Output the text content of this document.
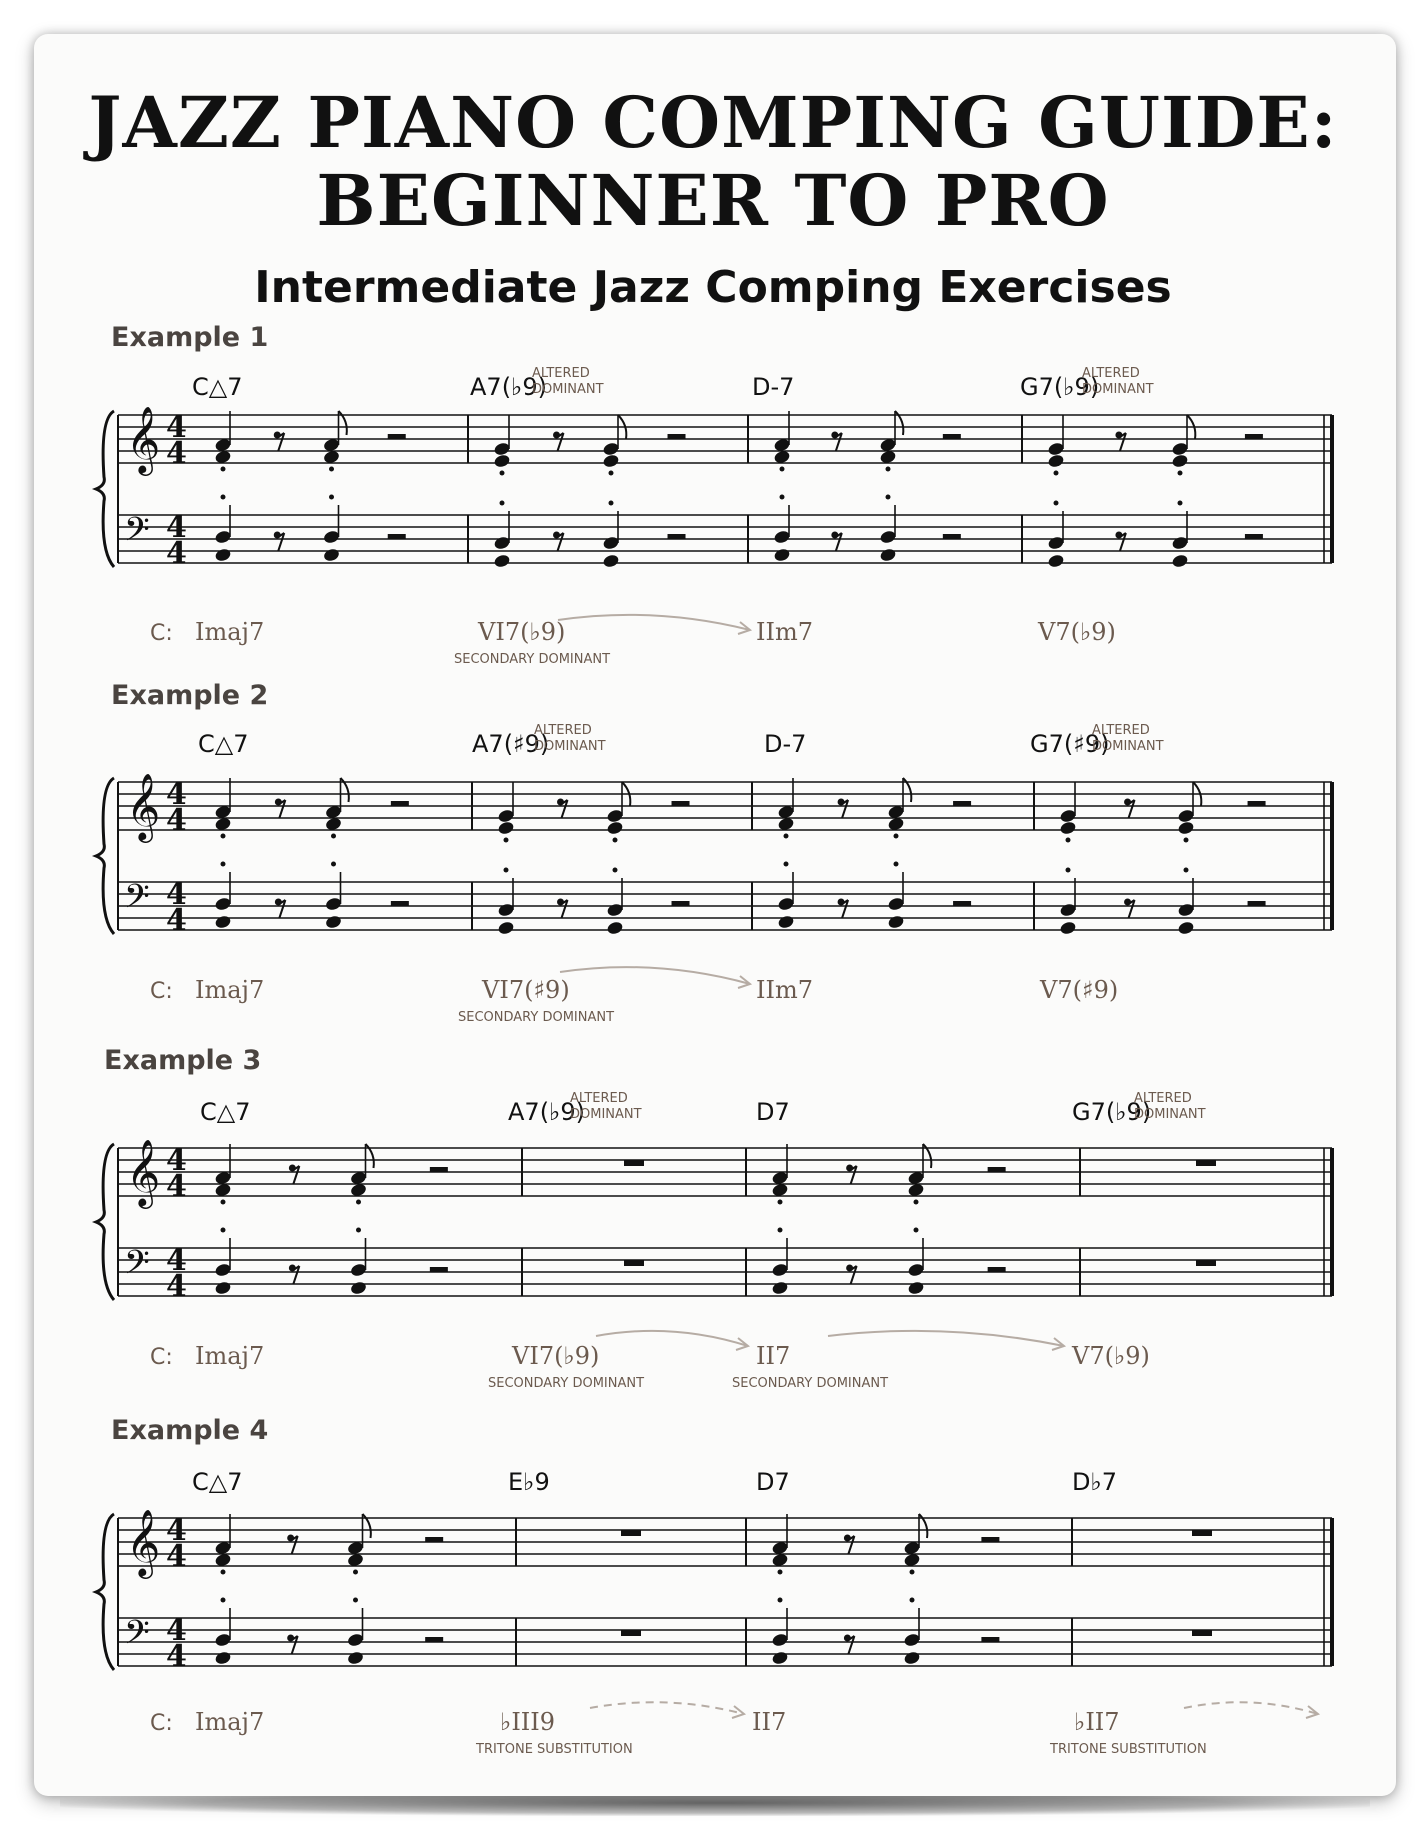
JAZZ PIANO COMPING GUIDE:
BEGINNER TO PRO
Intermediate Jazz Comping Exercises
Example 1
Example 2
Example 3
Example 4
𝄞
𝄢
4
4
4
4
C△7	A7(♭9)	D-7	G7(♭9)
ALTERED
DOMINANT
ALTERED
DOMINANT
C: Imaj7	VI7(♭9)	IIm7	V7(♭9)
SECONDARY DOMINANT
𝄞
𝄢
4
4
4
4
C△7	A7(♯9)	D-7	G7(♯9)
ALTERED
DOMINANT
ALTERED
DOMINANT
C: Imaj7	VI7(♯9)	IIm7	V7(♯9)
SECONDARY DOMINANT
𝄞
𝄢
4
4
4
4
C△7	A7(♭9)	D7	G7(♭9)
ALTERED
DOMINANT
ALTERED
DOMINANT
C: Imaj7	VI7(♭9)	II7	V7(♭9)
SECONDARY DOMINANT	SECONDARY DOMINANT
𝄞
𝄢
4
4
4
4
C△7	E♭9	D7	D♭7
C: Imaj7	♭III9	II7	♭II7
TRITONE SUBSTITUTION	TRITONE SUBSTITUTION
